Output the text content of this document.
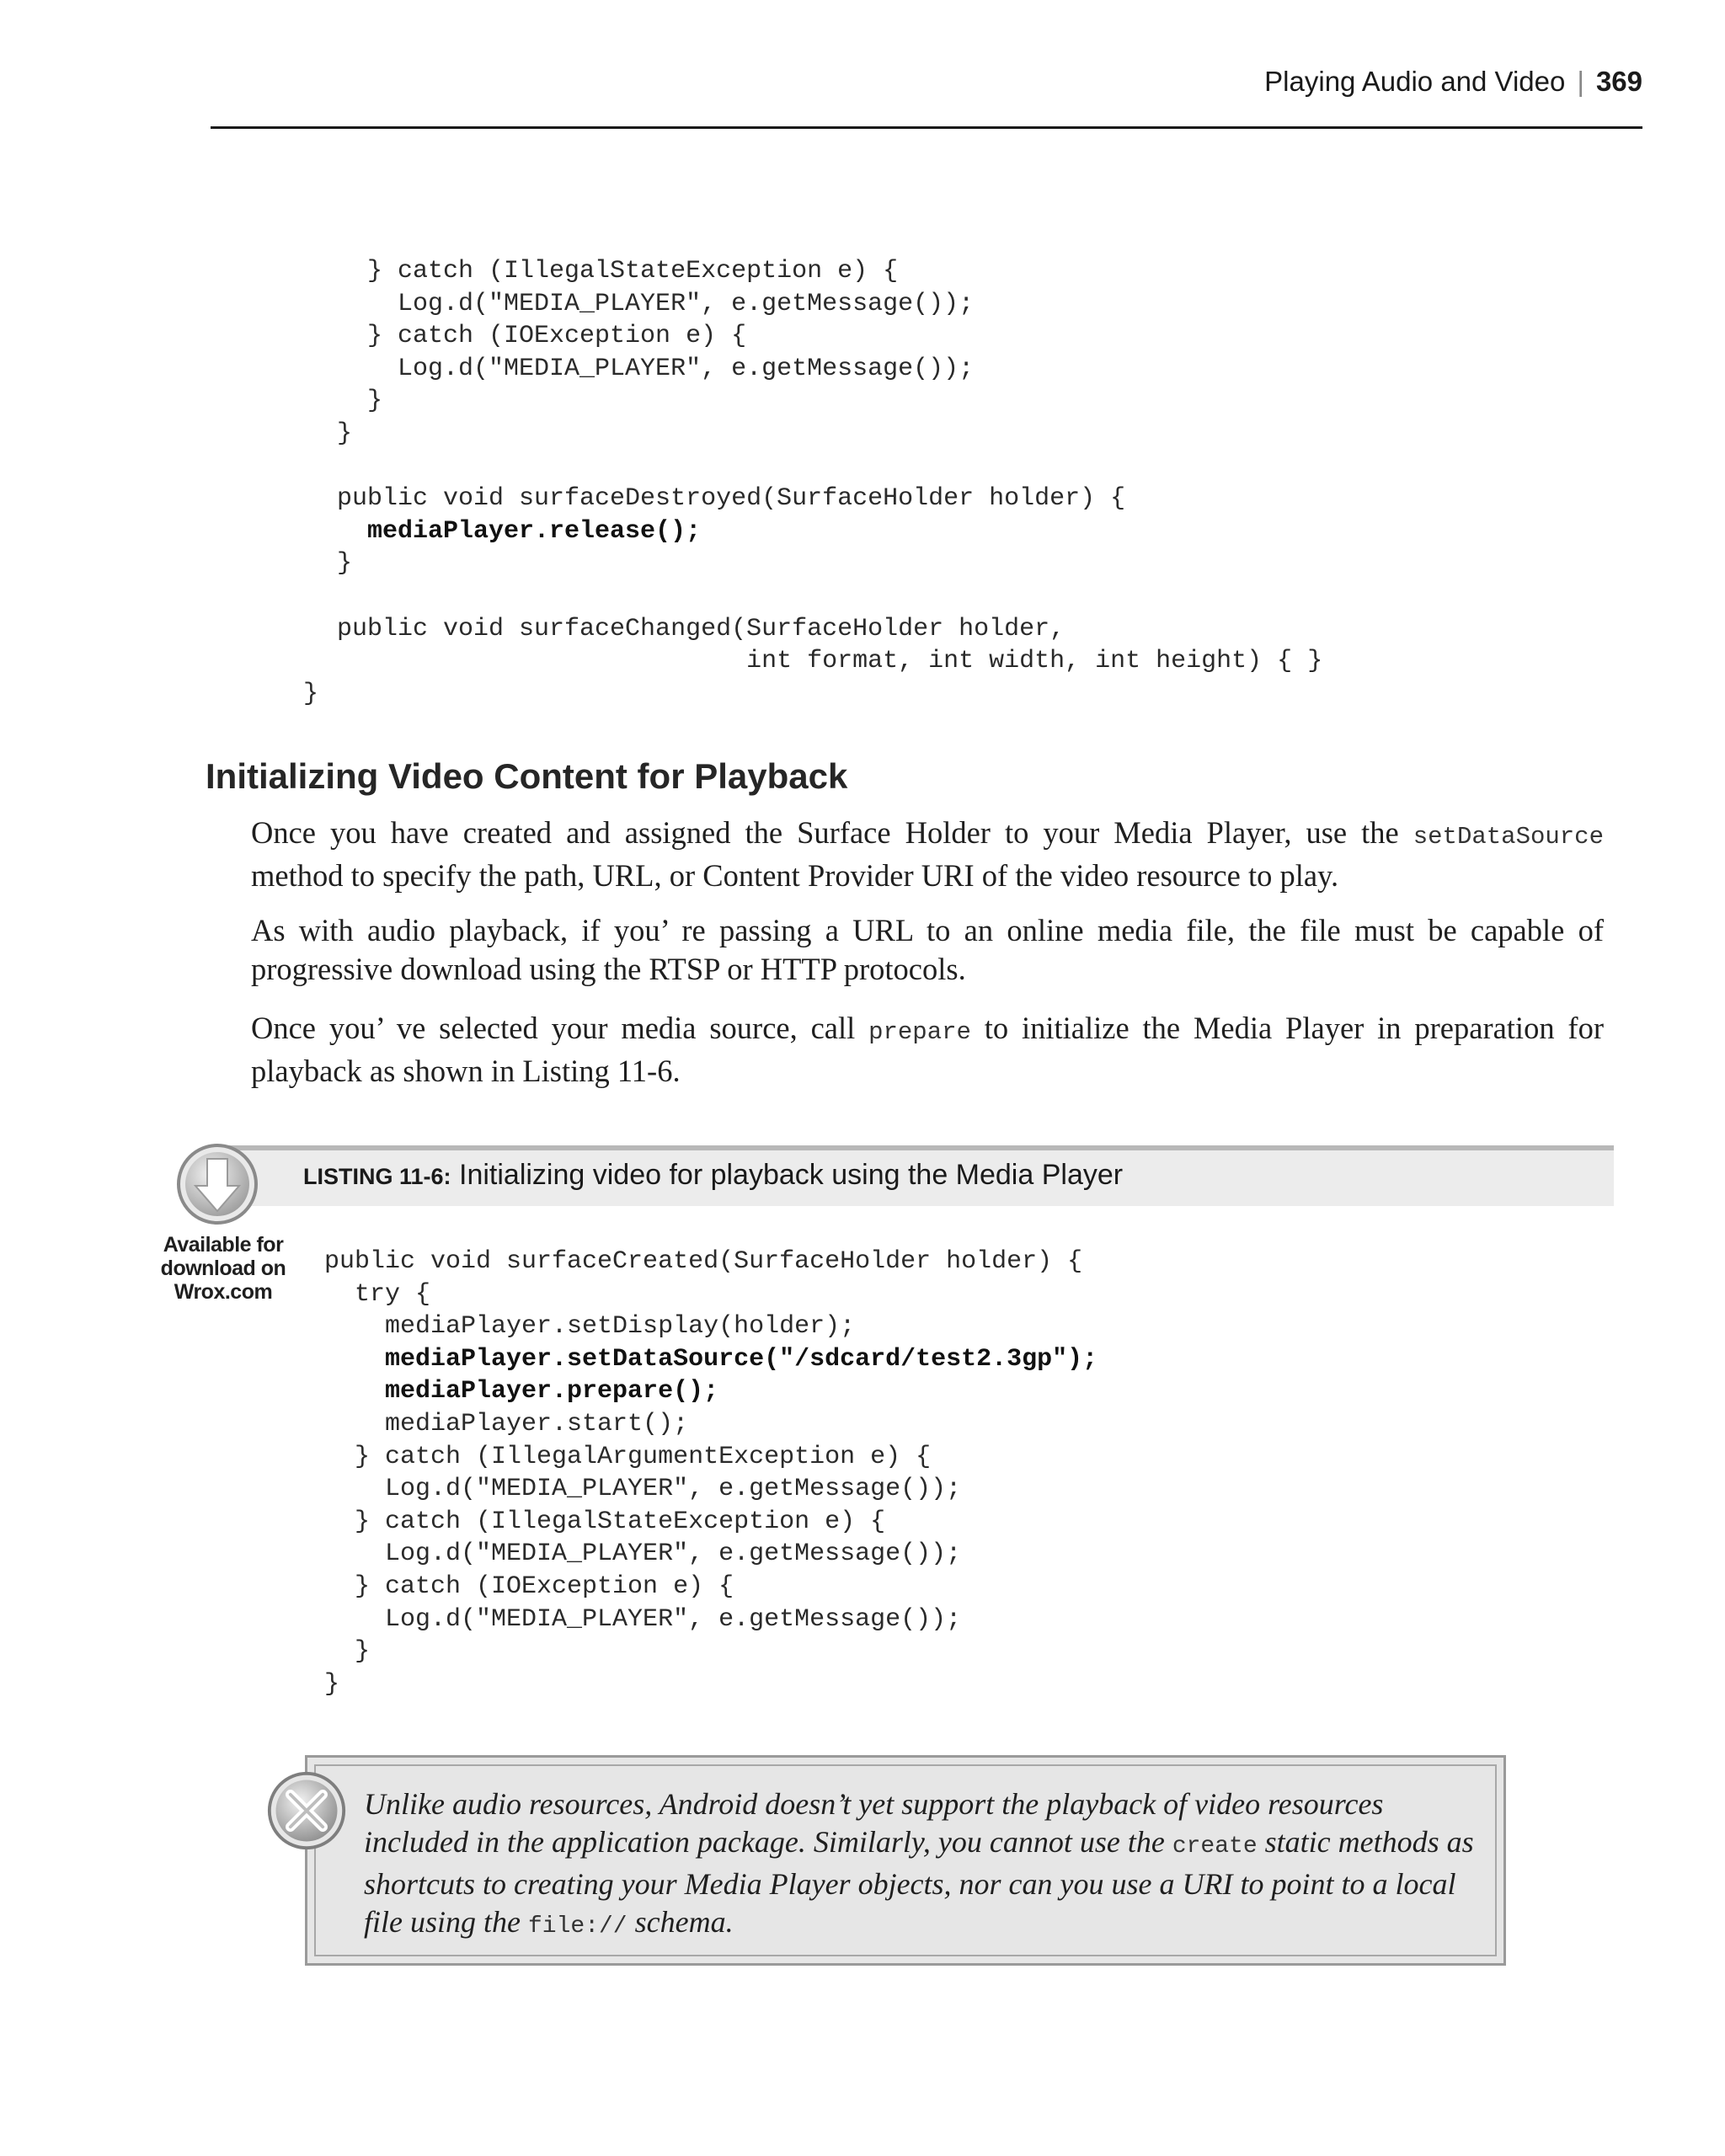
Playing Audio and Video | 369
} catch (IllegalStateException e) {
Log.d("MEDIA_PLAYER", e.getMessage());
} catch (IOException e) {
Log.d("MEDIA_PLAYER", e.getMessage());
}
}
public void surfaceDestroyed(SurfaceHolder holder) {
mediaPlayer.release();
}
public void surfaceChanged(SurfaceHolder holder,
int format, int width, int height) { }
}
Initializing Video Content for Playback

Once you have created and assigned the Surface Holder to your Media Player, use the setDataSource method to specify the path, URL, or Content Provider URI of the video resource to play.

As with audio playback, if you’ re passing a URL to an online media file, the file must be capable of progressive download using the RTSP or HTTP protocols.

Once you’ ve selected your media source, call prepare to initialize the Media Player in preparation for playback as shown in Listing 11-6.

LISTING 11-6: Initializing video for playback using the Media Player

Available for
download on
Wrox.com
public void surfaceCreated(SurfaceHolder holder) {
try {
mediaPlayer.setDisplay(holder);
mediaPlayer.setDataSource("/sdcard/test2.3gp");
mediaPlayer.prepare();
mediaPlayer.start();
} catch (IllegalArgumentException e) {
Log.d("MEDIA_PLAYER", e.getMessage());
} catch (IllegalStateException e) {
Log.d("MEDIA_PLAYER", e.getMessage());
} catch (IOException e) {
Log.d("MEDIA_PLAYER", e.getMessage());
}
}

Unlike audio resources, Android doesn’t yet support the playback of video resources included in the application package. Similarly, you cannot use the create static methods as shortcuts to creating your Media Player objects, nor can you use a URI to point to a local file using the file:// schema.
